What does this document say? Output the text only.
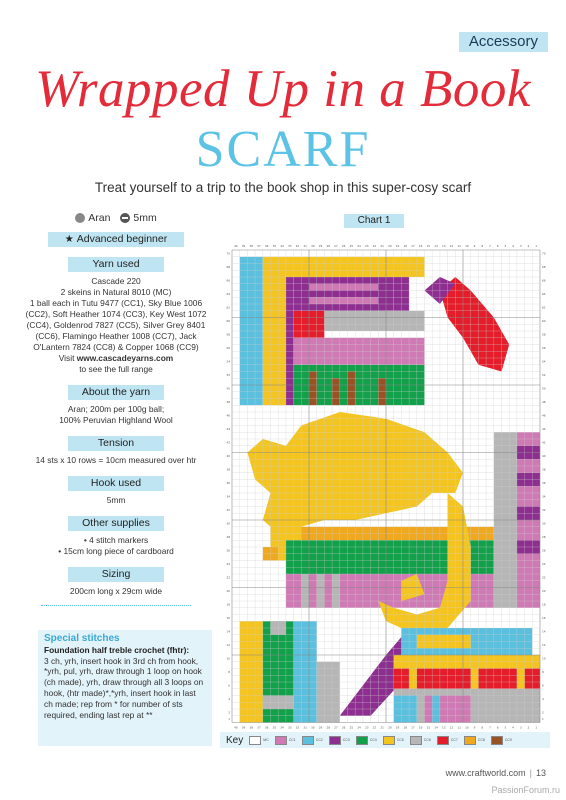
Accessory
Wrapped Up in a Book
SCARF
Treat yourself to a trip to the book shop in this super-cosy scarf
Aran 5mm
★ Advanced beginner
Yarn used
Cascade 220
2 skeins in Natural 8010 (MC)
1 ball each in Tutu 9477 (CC1), Sky Blue 1006 (CC2), Soft Heather 1074 (CC3), Key West 1072 (CC4), Goldenrod 7827 (CC5), Silver Grey 8401 (CC6), Flamingo Heather 1008 (CC7), Jack O'Lantern 7824 (CC8) & Copper 1068 (CC9)
Visit www.cascadeyarns.com
to see the full range
About the yarn
Aran; 200m per 100g ball;
100% Peruvian Highland Wool
Tension
14 sts x 10 rows = 10cm measured over htr
Hook used
5mm
Other supplies
• 4 stitch markers
• 15cm long piece of cardboard
Sizing
200cm long x 29cm wide
Special stitches
Foundation half treble crochet (fhtr):
3 ch, yrh, insert hook in 3rd ch from hook, *yrh, pul, yrh, draw through 1 loop on hook (ch made), yrh, draw through all 3 loops on hook, (htr made)*,*yrh, insert hook in last ch made; rep from * for number of sts required, ending last rep at **
Chart 1
40
40
39
39
38
38
37
37
36
36
35
35
34
34
33
33
32
32
31
31
30
30
29
29
28
28
27
27
26
26
25
25
24
24
23
23
22
22
21
21
20
20
19
19
18
18
17
17
16
16
15
15
14
14
13
13
12
12
11
11
10
10
9
9
8
8
7
7
6
6
5
5
4
4
3
3
2
2
1
1
70	70
68	68
66	66
64	64
62	62
60	60
58	58
56	56
54	54
52	52
50	50
48	48
46	46
44	44
42	42
40	40
38	38
36	36
34	34
32	32
30	30
28	28
26	26
24	24
22	22
20	20
18	18
16	16
14	14
12	12
10	10
8	8
6	6
4	4
2	2
1	1
Key	MC	CC1	CC2	CC3	CC4	CC5	CC6	CC7	CC8	CC9
www.craftworld.com | 13
PassionForum.ru
